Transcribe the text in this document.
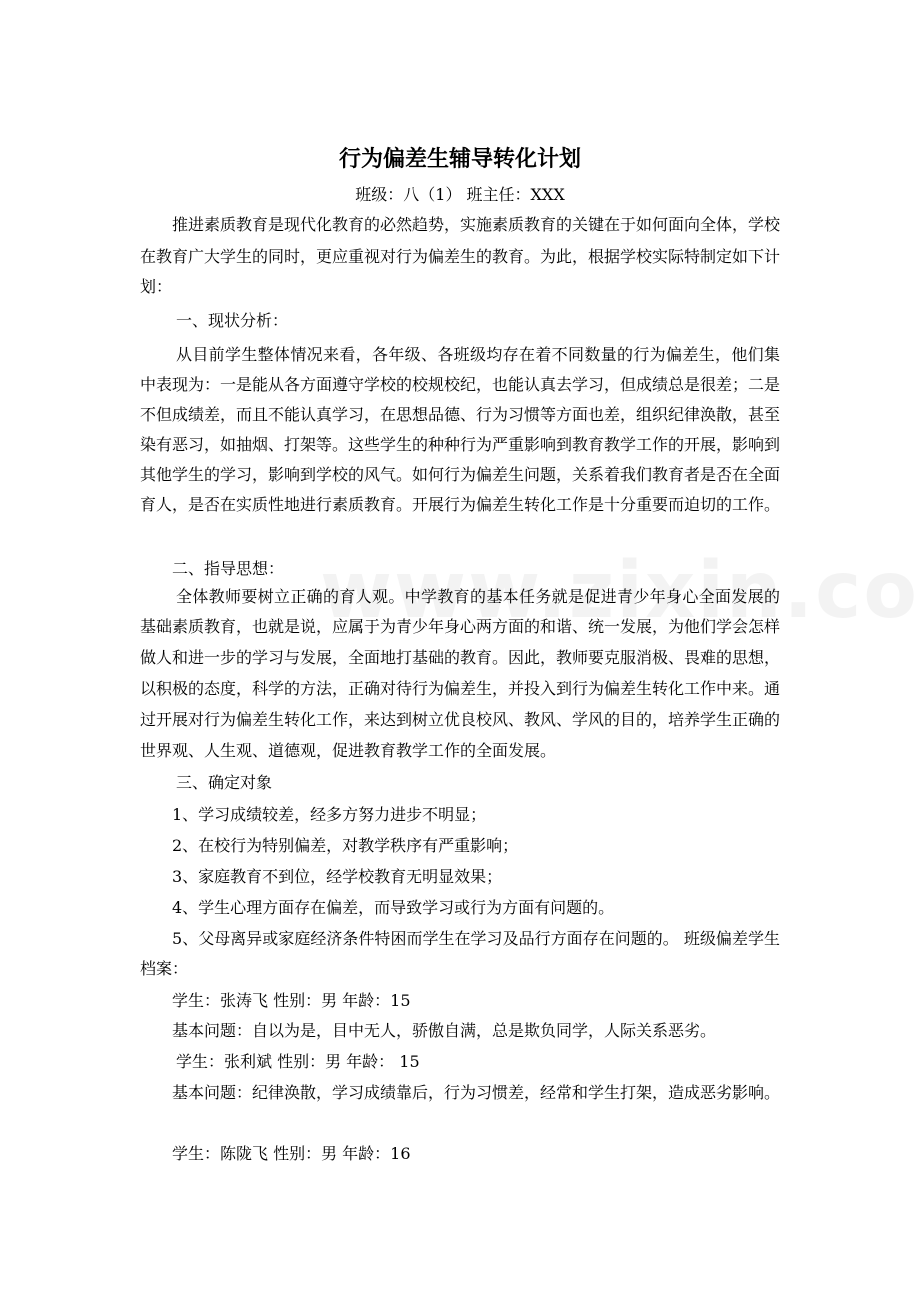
行为偏差生辅导转化计划
班级：八（1） 班主任：XXX
推进素质教育是现代化教育的必然趋势，实施素质教育的关键在于如何面向全体，学校
在教育广大学生的同时，更应重视对行为偏差生的教育。为此，根据学校实际特制定如下计
划：
一、现状分析：
从目前学生整体情况来看，各年级、各班级均存在着不同数量的行为偏差生，他们集
中表现为：一是能从各方面遵守学校的校规校纪，也能认真去学习，但成绩总是很差；二是
不但成绩差，而且不能认真学习，在思想品德、行为习惯等方面也差，组织纪律涣散，甚至
染有恶习，如抽烟、打架等。这些学生的种种行为严重影响到教育教学工作的开展，影响到
其他学生的学习，影响到学校的风气。如何行为偏差生问题，关系着我们教育者是否在全面
育人，是否在实质性地进行素质教育。开展行为偏差生转化工作是十分重要而迫切的工作。
二、指导思想：
全体教师要树立正确的育人观。中学教育的基本任务就是促进青少年身心全面发展的
基础素质教育，也就是说，应属于为青少年身心两方面的和谐、统一发展，为他们学会怎样
做人和进一步的学习与发展，全面地打基础的教育。因此，教师要克服消极、畏难的思想，
以积极的态度，科学的方法，正确对待行为偏差生，并投入到行为偏差生转化工作中来。通
过开展对行为偏差生转化工作，来达到树立优良校风、教风、学风的目的，培养学生正确的
世界观、人生观、道德观，促进教育教学工作的全面发展。
三、确定对象
1、学习成绩较差，经多方努力进步不明显；
2、在校行为特别偏差，对教学秩序有严重影响；
3、家庭教育不到位，经学校教育无明显效果；
4、学生心理方面存在偏差，而导致学习或行为方面有问题的。
5、父母离异或家庭经济条件特困而学生在学习及品行方面存在问题的。 班级偏差学生
档案：
学生：张涛飞 性别：男 年龄：15
基本问题：自以为是，目中无人，骄傲自满，总是欺负同学，人际关系恶劣。
学生：张利斌 性别：男 年龄： 15
基本问题：纪律涣散，学习成绩靠后，行为习惯差，经常和学生打架，造成恶劣影响。
学生：陈陇飞 性别：男 年龄：16
